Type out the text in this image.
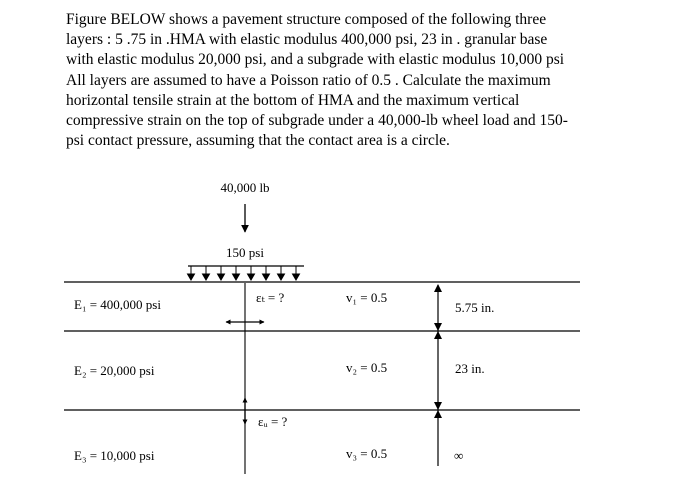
Figure BELOW shows a pavement structure composed of the following three
layers : 5 .75 in .HMA with elastic modulus 400,000 psi, 23 in . granular base
with elastic modulus 20,000 psi, and a subgrade with elastic modulus 10,000 psi
All layers are assumed to have a Poisson ratio of 0.5 . Calculate the maximum
horizontal tensile strain at the bottom of HMA and the maximum vertical
compressive strain on the top of subgrade under a 40,000-lb wheel load and 150-
psi contact pressure, assuming that the contact area is a circle.
40,000 lb
150 psi
εₜ = ?
εᵤ = ?
E₁ = 400,000 psi
E₂ = 20,000 psi
E₃ = 10,000 psi
v₁ = 0.5
v₂ = 0.5
v₃ = 0.5
5.75 in.
23 in.
∞
